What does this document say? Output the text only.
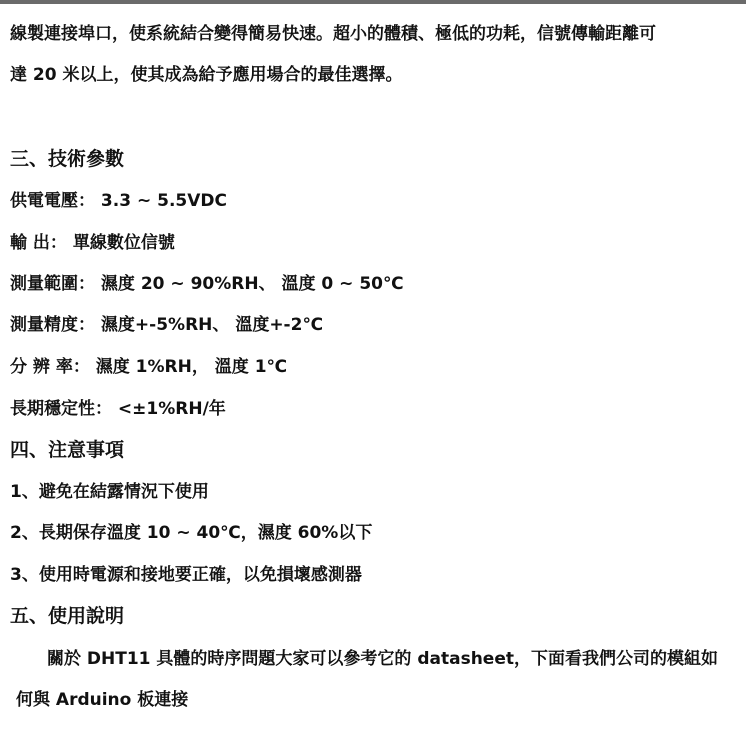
線製連接埠口，使系統結合變得簡易快速。超小的體積、極低的功耗，信號傳輸距離可
達 20 米以上，使其成為給予應用場合的最佳選擇。
三、技術參數
供電電壓： 3.3 ~ 5.5VDC
輸 出： 單線數位信號
測量範圍： 濕度 20 ~ 90%RH、 溫度 0 ~ 50℃
測量精度： 濕度+-5%RH、 溫度+-2℃
分 辨 率： 濕度 1%RH， 溫度 1℃
長期穩定性： <±1%RH/年
四、注意事項
1、避免在結露情況下使用
2、長期保存溫度 10 ~ 40℃，濕度 60%以下
3、使用時電源和接地要正確，以免損壞感測器
五、使用說明
關於 DHT11 具體的時序問題大家可以參考它的 datasheet，下面看我們公司的模組如
何與 Arduino 板連接
